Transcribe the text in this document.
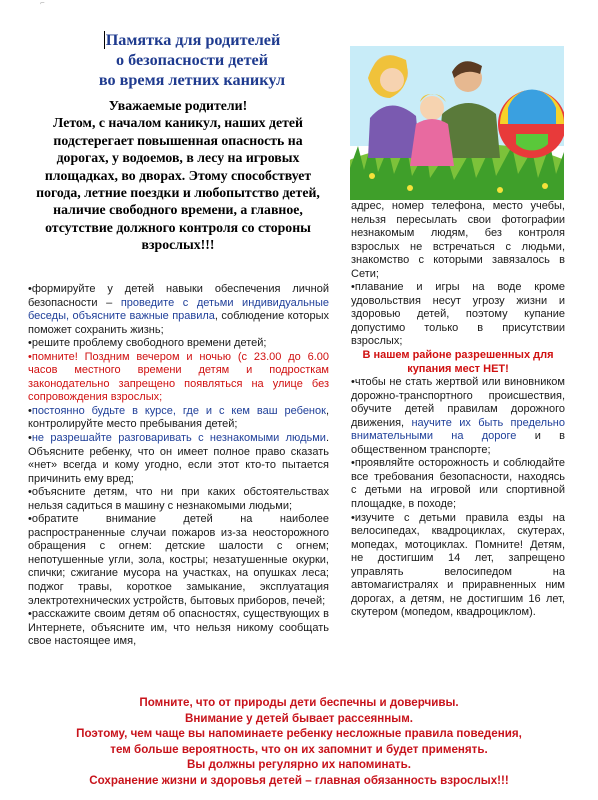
⌐
Памятка для родителей
о безопасности детей
во время летних каникул
Уважаемые родители!
Летом, с началом каникул, наших детей подстерегает повышенная опасность на дорогах, у водоемов, в лесу на игровых площадках, во дворах. Этому способствует погода, летние поездки и любопытство детей, наличие свободного времени, а главное, отсутствие должного контроля со стороны взрослых!!!

•формируйте у детей навыки обеспечения личной безопасности – проведите с детьми индивидуальные беседы, объясните важные правила, соблюдение которых поможет сохранить жизнь;

•решите проблему свободного времени детей;

•помните! Поздним вечером и ночью (с 23.00 до 6.00 часов местного времени детям и подросткам законодательно запрещено появляться на улице без сопровождения взрослых;

•постоянно будьте в курсе, где и с кем ваш ребенок, контролируйте место пребывания детей;

•не разрешайте разговаривать с незнакомыми людьми. Объясните ребенку, что он имеет полное право сказать «нет» всегда и кому угодно, если этот кто-то пытается причинить ему вред;

•объясните детям, что ни при каких обстоятельствах нельзя садиться в машину с незнакомыми людьми;

•обратите внимание детей на наиболее распространенные случаи пожаров из-за неосторожного обращения с огнем: детские шалости с огнем; непотушенные угли, зола, костры; незатушенные окурки, спички; сжигание мусора на участках, на опушках леса; поджог травы, короткое замыкание, эксплуатация электротехнических устройств, бытовых приборов, печей;

•расскажите своим детям об опасностях, существующих в Интернете, объясните им, что нельзя никому сообщать свое настоящее имя,

адрес, номер телефона, место учебы, нельзя пересылать свои фотографии незнакомым людям, без контроля взрослых не встречаться с людьми, знакомство с которыми завязалось в Сети;

•плавание и игры на воде кроме удовольствия несут угрозу жизни и здоровью детей, поэтому купание допустимо только в присутствии взрослых;

В нашем районе разрешенных для купания мест НЕТ!

•чтобы не стать жертвой или виновником дорожно-транспортного происшествия, обучите детей правилам дорожного движения, научите их быть предельно внимательными на дороге и в общественном транспорте;

•проявляйте осторожность и соблюдайте все требования безопасности, находясь с детьми на игровой или спортивной площадке, в походе;

•изучите с детьми правила езды на велосипедах, квадроциклах, скутерах, мопедах, мотоциклах. Помните! Детям, не достигшим 14 лет, запрещено управлять велосипедом на автомагистралях и приравненных ним дорогах, а детям, не достигшим 16 лет, скутером (мопедом, квадроциклом).

Помните, что от природы дети беспечны и доверчивы.

Внимание у детей бывает рассеянным.

Поэтому, чем чаще вы напоминаете ребенку несложные правила поведения,

тем больше вероятность, что он их запомнит и будет применять.

Вы должны регулярно их напоминать.

Сохранение жизни и здоровья детей – главная обязанность взрослых!!!
